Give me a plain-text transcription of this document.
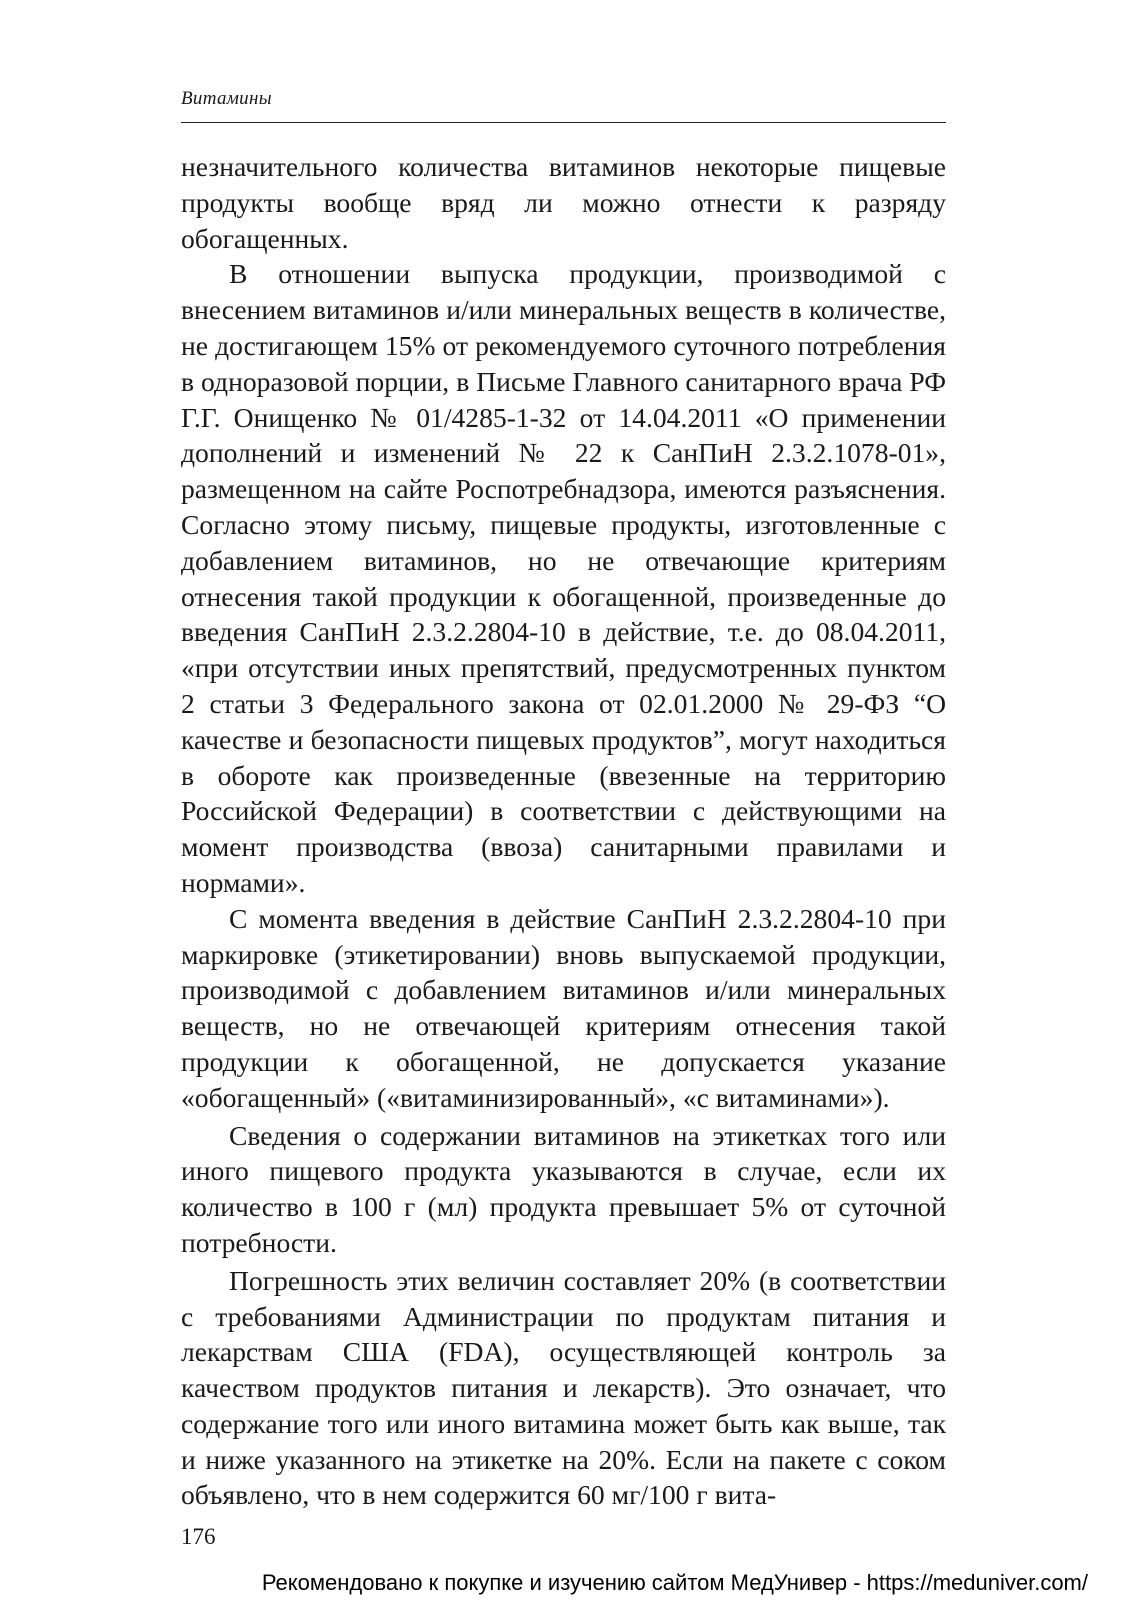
Витамины

незначительного количества витаминов некоторые пищевые продукты вообще вряд ли можно отнести к разряду обогащенных.

В отношении выпуска продукции, производимой с внесением витаминов и/или минеральных веществ в количестве, не достигающем 15% от рекомендуемого суточного потребления в одноразовой порции, в Письме Главного санитарного врача РФ Г.Г. Онищенко № 01/4285-1-32 от 14.04.2011 «О применении дополнений и изменений № 22 к СанПиН 2.3.2.1078-01», размещенном на сайте Роспотребнадзора, имеются разъяснения. Согласно этому письму, пищевые продукты, изготовленные с добавлением витаминов, но не отвечающие критериям отнесения такой продукции к обогащенной, произведенные до введения СанПиН 2.3.2.2804-10 в действие, т.е. до 08.04.2011, «при отсутствии иных препятствий, предусмотренных пунктом 2 статьи 3 Федерального закона от 02.01.2000 № 29-ФЗ “О качестве и безопасности пищевых продуктов”, могут находиться в обороте как произведенные (ввезенные на территорию Российской Федерации) в соответствии с действующими на момент производства (ввоза) санитарными правилами и нормами».

С момента введения в действие СанПиН 2.3.2.2804-10 при маркировке (этикетировании) вновь выпускаемой продукции, производимой с добавлением витаминов и/или минеральных веществ, но не отвечающей критериям отнесения такой продукции к обогащенной, не допускается указание «обогащенный» («витаминизированный», «с витаминами»).

Сведения о содержании витаминов на этикетках того или иного пищевого продукта указываются в случае, если их количество в 100 г (мл) продукта превышает 5% от суточной потребности.

Погрешность этих величин составляет 20% (в соответствии с требованиями Администрации по продуктам питания и лекарствам США (FDA), осуществляющей контроль за качеством продуктов питания и лекарств). Это означает, что содержание того или иного витамина может быть как выше, так и ниже указанного на этикетке на 20%. Если на пакете с соком объявлено, что в нем содержится 60 мг/100 г вита-

176
Рекомендовано к покупке и изучению сайтом МедУнивер - https://meduniver.com/
